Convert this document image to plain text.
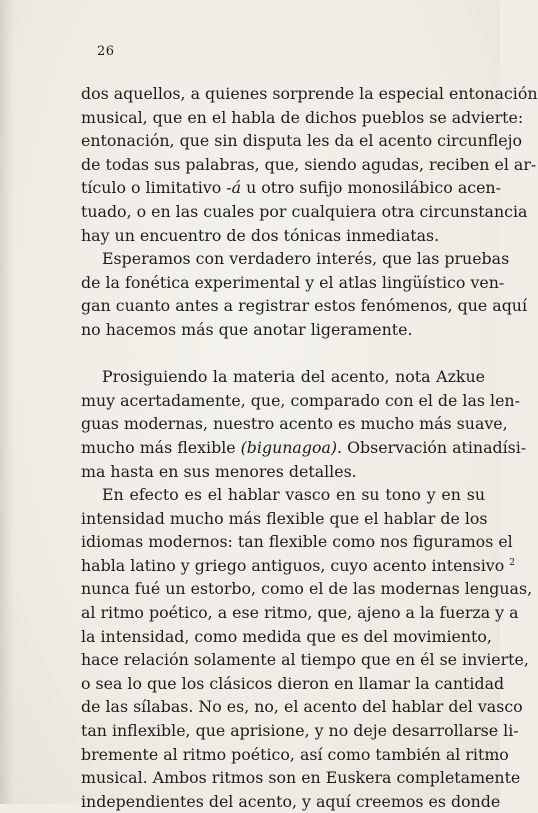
26
dos aquellos, a quienes sorprende la especial entonación
musical, que en el habla de dichos pueblos se advierte:
entonación, que sin disputa les da el acento circunflejo
de todas sus palabras, que, siendo agudas, reciben el ar-
tículo o limitativo -á u otro sufijo monosilábico acen-
tuado, o en las cuales por cualquiera otra circunstancia
hay un encuentro de dos tónicas inmediatas.
Esperamos con verdadero interés, que las pruebas
de la fonética experimental y el atlas lingüístico ven-
gan cuanto antes a registrar estos fenómenos, que aquí
no hacemos más que anotar ligeramente.
Prosiguiendo la materia del acento, nota Azkue
muy acertadamente, que, comparado con el de las len-
guas modernas, nuestro acento es mucho más suave,
mucho más flexible (bigunagoa). Observación atinadísi-
ma hasta en sus menores detalles.
En efecto es el hablar vasco en su tono y en su
intensidad mucho más flexible que el hablar de los
idiomas modernos: tan flexible como nos figuramos el
habla latino y griego antiguos, cuyo acento intensivo $^2$
nunca fué un estorbo, como el de las modernas lenguas,
al ritmo poético, a ese ritmo, que, ajeno a la fuerza y a
la intensidad, como medida que es del movimiento,
hace relación solamente al tiempo que en él se invierte,
o sea lo que los clásicos dieron en llamar la cantidad
de las sílabas. No es, no, el acento del hablar del vasco
tan inflexible, que aprisione, y no deje desarrollarse li-
bremente al ritmo poético, así como también al ritmo
musical. Ambos ritmos son en Euskera completamente
independientes del acento, y aquí creemos es donde
